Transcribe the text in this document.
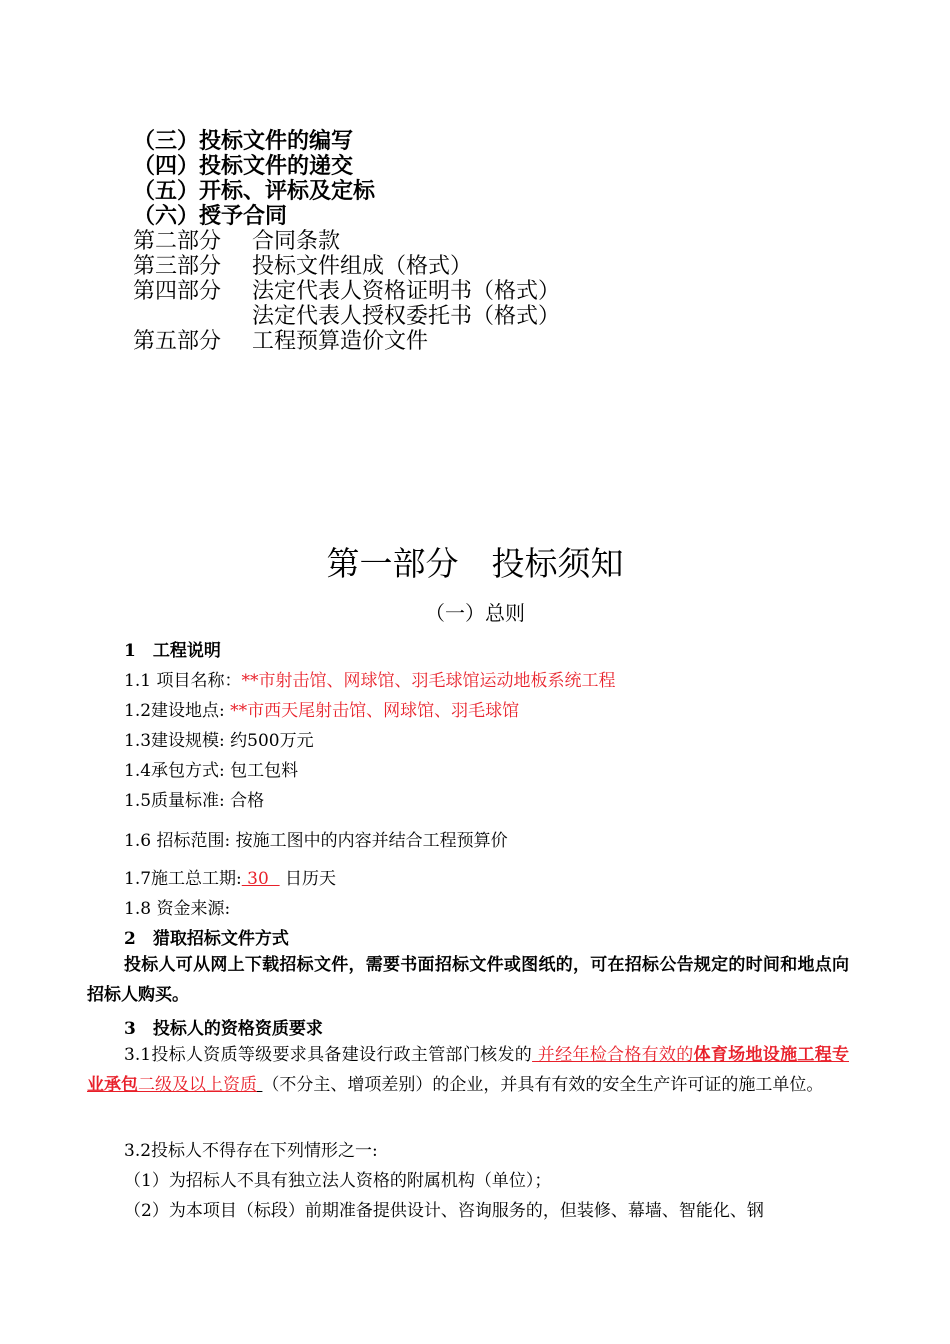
（三）投标文件的编写
（四）投标文件的递交
（五）开标、评标及定标
（六）授予合同
第二部分 合同条款
第三部分 投标文件组成（格式）
第四部分 法定代表人资格证明书（格式）
法定代表人授权委托书（格式）
第五部分 工程预算造价文件
第一部分　投标须知
（一）总则
1　工程说明
1.1 项目名称：**市射击馆、网球馆、羽毛球馆运动地板系统工程
1.2建设地点: **市西天尾射击馆、网球馆、羽毛球馆
1.3建设规模: 约500万元
1.4承包方式: 包工包料
1.5质量标准: 合格
1.6 招标范围: 按施工图中的内容并结合工程预算价
1.7施工总工期: 30   日历天
1.8 资金来源:
2　猎取招标文件方式
投标人可从网上下载招标文件，需要书面招标文件或图纸的，可在招标公告规定的时间和地点向招标人购买。
3　投标人的资格资质要求
3.1投标人资质等级要求具备建设行政主管部门核发的 并经年检合格有效的体育场地设施工程专业承包二级及以上资质 （不分主、增项差别）的企业，并具有有效的安全生产许可证的施工单位。
3.2投标人不得存在下列情形之一:
（1）为招标人不具有独立法人资格的附属机构（单位）；
（2）为本项目（标段）前期准备提供设计、咨询服务的，但装修、幕墙、智能化、钢
